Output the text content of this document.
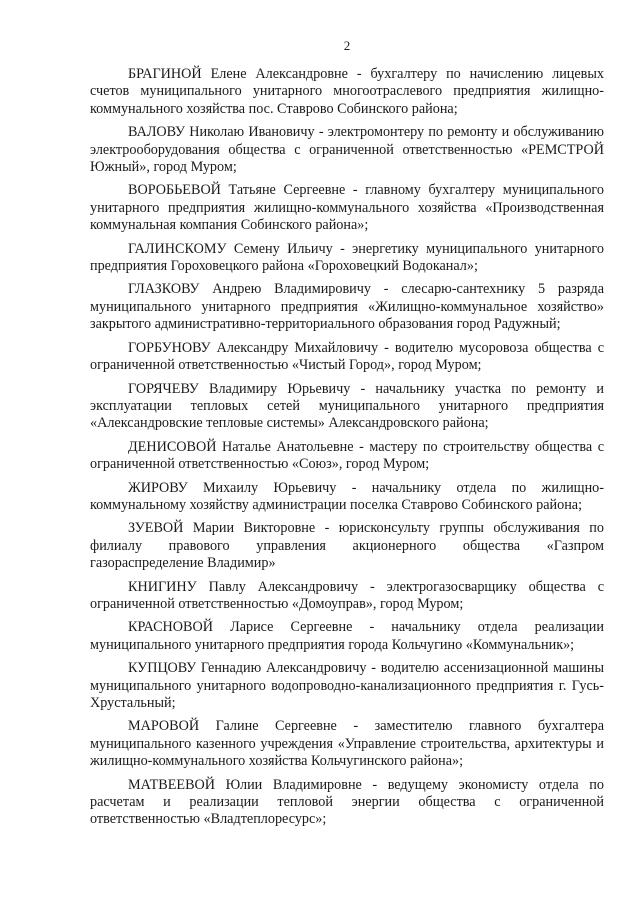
2

БРАГИНОЙ Елене Александровне - бухгалтеру по начислению лицевых счетов муниципального унитарного многоотраслевого предприятия жилищно-коммунального хозяйства пос. Ставрово Собинского района;

ВАЛОВУ Николаю Ивановичу - электромонтеру по ремонту и обслуживанию электрооборудования общества с ограниченной ответственностью «РЕМСТРОЙ Южный», город Муром;

ВОРОБЬЕВОЙ Татьяне Сергеевне - главному бухгалтеру муниципального унитарного предприятия жилищно-коммунального хозяйства «Производственная коммунальная компания Собинского района»;

ГАЛИНСКОМУ Семену Ильичу - энергетику муниципального унитарного предприятия Гороховецкого района «Гороховецкий Водоканал»;

ГЛАЗКОВУ Андрею Владимировичу - слесарю-сантехнику 5 разряда муниципального унитарного предприятия «Жилищно-коммунальное хозяйство» закрытого административно-территориального образования город Радужный;

ГОРБУНОВУ Александру Михайловичу - водителю мусоровоза общества с ограниченной ответственностью «Чистый Город», город Муром;

ГОРЯЧЕВУ Владимиру Юрьевичу - начальнику участка по ремонту и эксплуатации тепловых сетей муниципального унитарного предприятия «Александровские тепловые системы» Александровского района;

ДЕНИСОВОЙ Наталье Анатольевне - мастеру по строительству общества с ограниченной ответственностью «Союз», город Муром;

ЖИРОВУ Михаилу Юрьевичу - начальнику отдела по жилищно-коммунальному хозяйству администрации поселка Ставрово Собинского района;

ЗУЕВОЙ Марии Викторовне - юрисконсульту группы обслуживания по филиалу правового управления акционерного общества «Газпром газораспределение Владимир»

КНИГИНУ Павлу Александровичу - электрогазосварщику общества с ограниченной ответственностью «Домоуправ», город Муром;

КРАСНОВОЙ Ларисе Сергеевне - начальнику отдела реализации муниципального унитарного предприятия города Кольчугино «Коммунальник»;

КУПЦОВУ Геннадию Александровичу - водителю ассенизационной машины муниципального унитарного водопроводно-канализационного предприятия г. Гусь-Хрустальный;

МАРОВОЙ Галине Сергеевне - заместителю главного бухгалтера муниципального казенного учреждения «Управление строительства, архитектуры и жилищно-коммунального хозяйства Кольчугинского района»;

МАТВЕЕВОЙ Юлии Владимировне - ведущему экономисту отдела по расчетам и реализации тепловой энергии общества с ограниченной ответственностью «Владтеплоресурс»;
